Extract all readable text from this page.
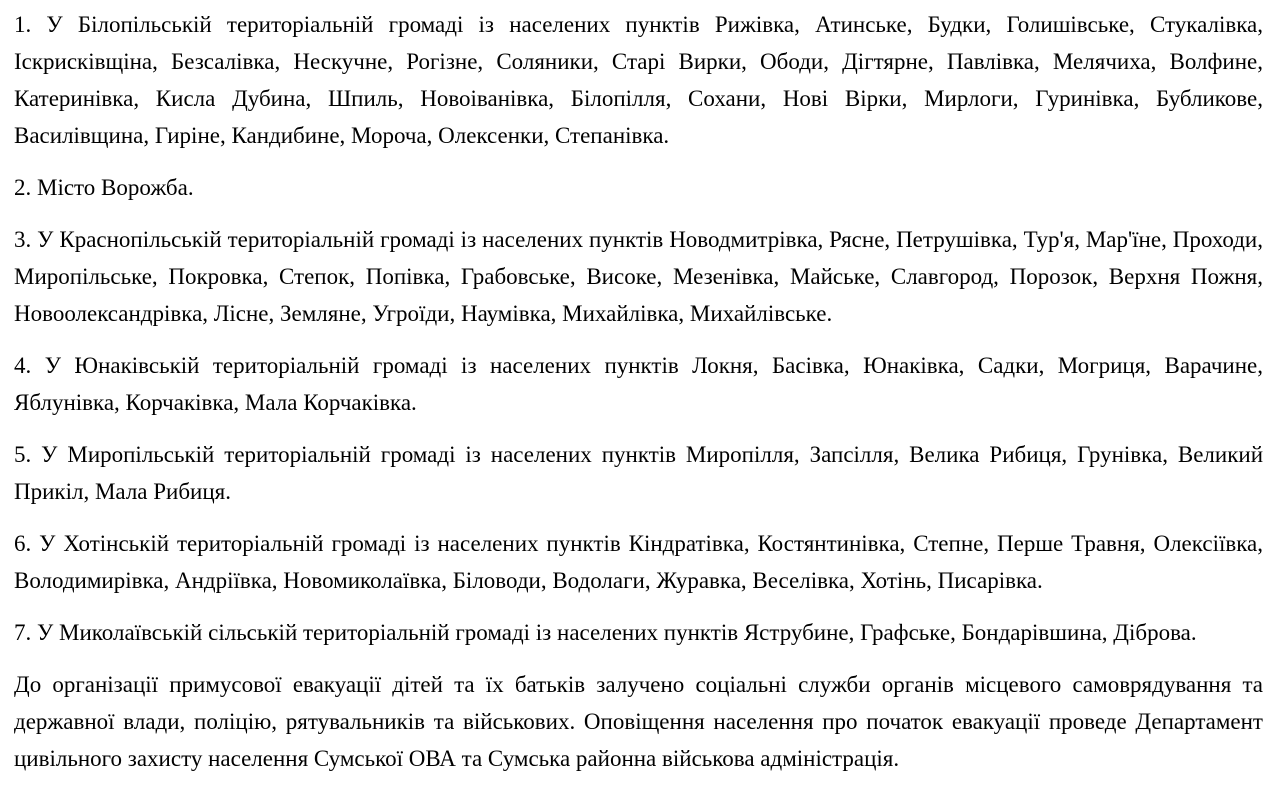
1. У Білопільській територіальній громаді із населених пунктів Рижівка, Атинське, Будки, Голишівське, Стукалівка, Іскрисківщіна, Безсалівка, Нескучне, Рогізне, Соляники, Старі Вирки, Ободи, Дігтярне, Павлівка, Мелячиха, Волфине, Катеринівка, Кисла Дубина, Шпиль, Новоіванівка, Білопілля, Сохани, Нові Вірки, Мирлоги, Гуринівка, Бубликове, Василівщина, Гиріне, Кандибине, Мороча, Олексенки, Степанівка.

2. Місто Ворожба.

3. У Краснопільській територіальній громаді із населених пунктів Новодмитрівка, Рясне, Петрушівка, Тур'я, Мар'їне, Проходи, Миропільське, Покровка, Степок, Попівка, Грабовське, Високе, Мезенівка, Майське, Славгород, Порозок, Верхня Пожня, Новоолександрівка, Лісне, Земляне, Угроїди, Наумівка, Михайлівка, Михайлівське.

4. У Юнаківській територіальній громаді із населених пунктів Локня, Басівка, Юнаківка, Садки, Могриця, Варачине, Яблунівка, Корчаківка, Мала Корчаківка.

5. У Миропільській територіальній громаді із населених пунктів Миропілля, Запсілля, Велика Рибиця, Грунівка, Великий Прикіл, Мала Рибиця.

6. У Хотінській територіальній громаді із населених пунктів Кіндратівка, Костянтинівка, Степне, Перше Травня, Олексіївка, Володимирівка, Андріївка, Новомиколаївка, Біловоди, Водолаги, Журавка, Веселівка, Хотінь, Писарівка.

7. У Миколаївській сільській територіальній громаді із населених пунктів Яструбине, Графське, Бондарівшина, Діброва.

До організації примусової евакуації дітей та їх батьків залучено соціальні служби органів місцевого самоврядування та державної влади, поліцію, рятувальників та військових. Оповіщення населення про початок евакуації проведе Департамент цивільного захисту населення Сумської ОВА та Сумська районна військова адміністрація.
